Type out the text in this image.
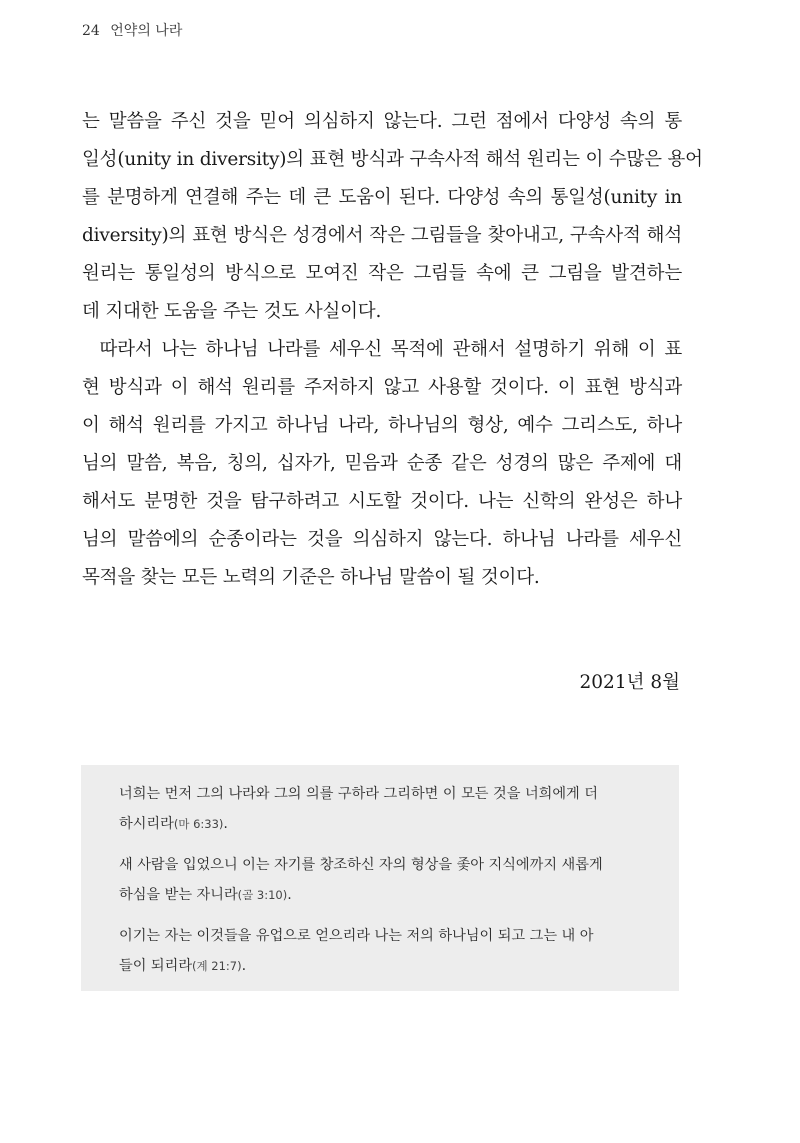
24 언약의 나라
는 말씀을 주신 것을 믿어 의심하지 않는다. 그런 점에서 다양성 속의 통
일성(unity in diversity)의 표현 방식과 구속사적 해석 원리는 이 수많은 용어
를 분명하게 연결해 주는 데 큰 도움이 된다. 다양성 속의 통일성(unity in
diversity)의 표현 방식은 성경에서 작은 그림들을 찾아내고, 구속사적 해석
원리는 통일성의 방식으로 모여진 작은 그림들 속에 큰 그림을 발견하는
데 지대한 도움을 주는 것도 사실이다.
따라서 나는 하나님 나라를 세우신 목적에 관해서 설명하기 위해 이 표
현 방식과 이 해석 원리를 주저하지 않고 사용할 것이다. 이 표현 방식과
이 해석 원리를 가지고 하나님 나라, 하나님의 형상, 예수 그리스도, 하나
님의 말씀, 복음, 칭의, 십자가, 믿음과 순종 같은 성경의 많은 주제에 대
해서도 분명한 것을 탐구하려고 시도할 것이다. 나는 신학의 완성은 하나
님의 말씀에의 순종이라는 것을 의심하지 않는다. 하나님 나라를 세우신
목적을 찾는 모든 노력의 기준은 하나님 말씀이 될 것이다.
2021년 8월
너희는 먼저 그의 나라와 그의 의를 구하라 그리하면 이 모든 것을 너희에게 더
하시리라(마 6:33).
새 사람을 입었으니 이는 자기를 창조하신 자의 형상을 좇아 지식에까지 새롭게
하심을 받는 자니라(골 3:10).
이기는 자는 이것들을 유업으로 얻으리라 나는 저의 하나님이 되고 그는 내 아
들이 되리라(계 21:7).
